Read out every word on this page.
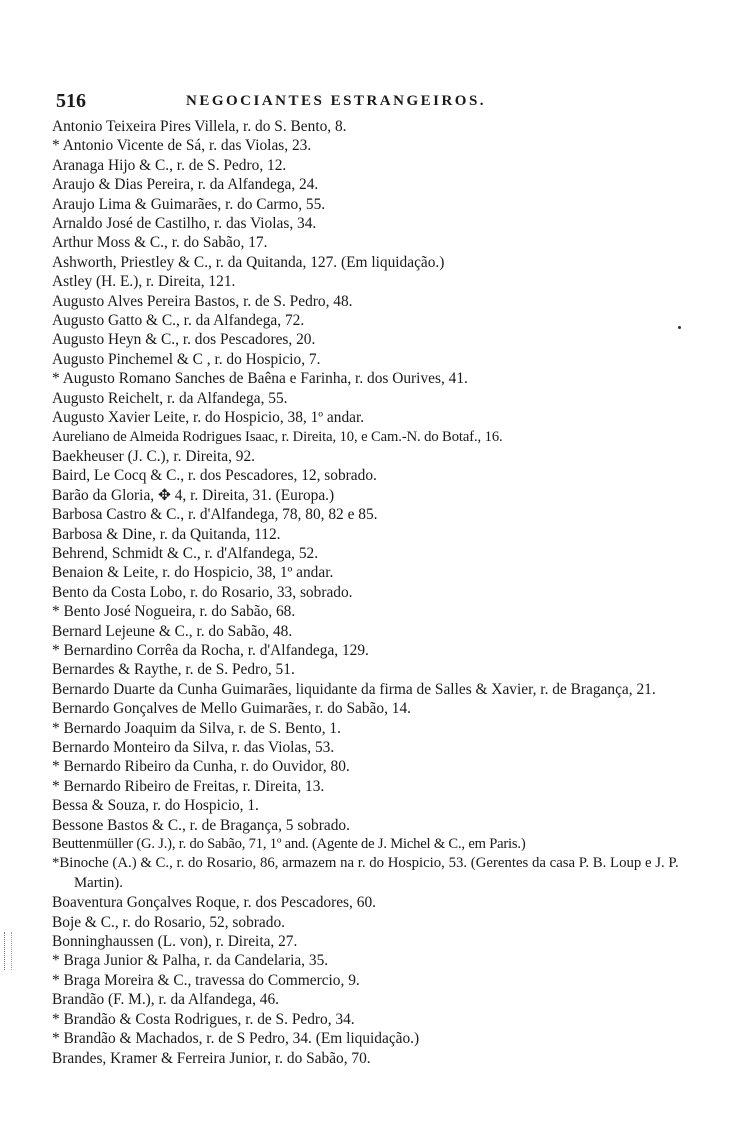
516	NEGOCIANTES ESTRANGEIROS.
Antonio Teixeira Pires Villela, r. do S. Bento, 8.
* Antonio Vicente de Sá, r. das Violas, 23.
Aranaga Hijo & C., r. de S. Pedro, 12.
Araujo & Dias Pereira, r. da Alfandega, 24.
Araujo Lima & Guimarães, r. do Carmo, 55.
Arnaldo José de Castilho, r. das Violas, 34.
Arthur Moss & C., r. do Sabão, 17.
Ashworth, Priestley & C., r. da Quitanda, 127. (Em liquidação.)
Astley (H. E.), r. Direita, 121.
Augusto Alves Pereira Bastos, r. de S. Pedro, 48.
Augusto Gatto & C., r. da Alfandega, 72.
Augusto Heyn & C., r. dos Pescadores, 20.
Augusto Pinchemel & C , r. do Hospicio, 7.
* Augusto Romano Sanches de Baêna e Farinha, r. dos Ourives, 41.
Augusto Reichelt, r. da Alfandega, 55.
Augusto Xavier Leite, r. do Hospicio, 38, 1º andar.
Aureliano de Almeida Rodrigues Isaac, r. Direita, 10, e Cam.-N. do Botaf., 16.
Baekheuser (J. C.), r. Direita, 92.
Baird, Le Cocq & C., r. dos Pescadores, 12, sobrado.
Barão da Gloria, ✥ 4, r. Direita, 31. (Europa.)
Barbosa Castro & C., r. d'Alfandega, 78, 80, 82 e 85.
Barbosa & Dine, r. da Quitanda, 112.
Behrend, Schmidt & C., r. d'Alfandega, 52.
Benaion & Leite, r. do Hospicio, 38, 1º andar.
Bento da Costa Lobo, r. do Rosario, 33, sobrado.
* Bento José Nogueira, r. do Sabão, 68.
Bernard Lejeune & C., r. do Sabão, 48.
* Bernardino Corrêa da Rocha, r. d'Alfandega, 129.
Bernardes & Raythe, r. de S. Pedro, 51.
Bernardo Duarte da Cunha Guimarães, liquidante da firma de Salles & Xavier, r. de Bragança, 21.
Bernardo Gonçalves de Mello Guimarães, r. do Sabão, 14.
* Bernardo Joaquim da Silva, r. de S. Bento, 1.
Bernardo Monteiro da Silva, r. das Violas, 53.
* Bernardo Ribeiro da Cunha, r. do Ouvidor, 80.
* Bernardo Ribeiro de Freitas, r. Direita, 13.
Bessa & Souza, r. do Hospicio, 1.
Bessone Bastos & C., r. de Bragança, 5 sobrado.
Beuttenmüller (G. J.), r. do Sabão, 71, 1º and. (Agente de J. Michel & C., em Paris.)
*Binoche (A.) & C., r. do Rosario, 86, armazem na r. do Hospicio, 53. (Gerentes da casa P. B. Loup e J. P. Martin).
Boaventura Gonçalves Roque, r. dos Pescadores, 60.
Boje & C., r. do Rosario, 52, sobrado.
Bonninghaussen (L. von), r. Direita, 27.
* Braga Junior & Palha, r. da Candelaria, 35.
* Braga Moreira & C., travessa do Commercio, 9.
Brandão (F. M.), r. da Alfandega, 46.
* Brandão & Costa Rodrigues, r. de S. Pedro, 34.
* Brandão & Machados, r. de S Pedro, 34. (Em liquidação.)
Brandes, Kramer & Ferreira Junior, r. do Sabão, 70.
